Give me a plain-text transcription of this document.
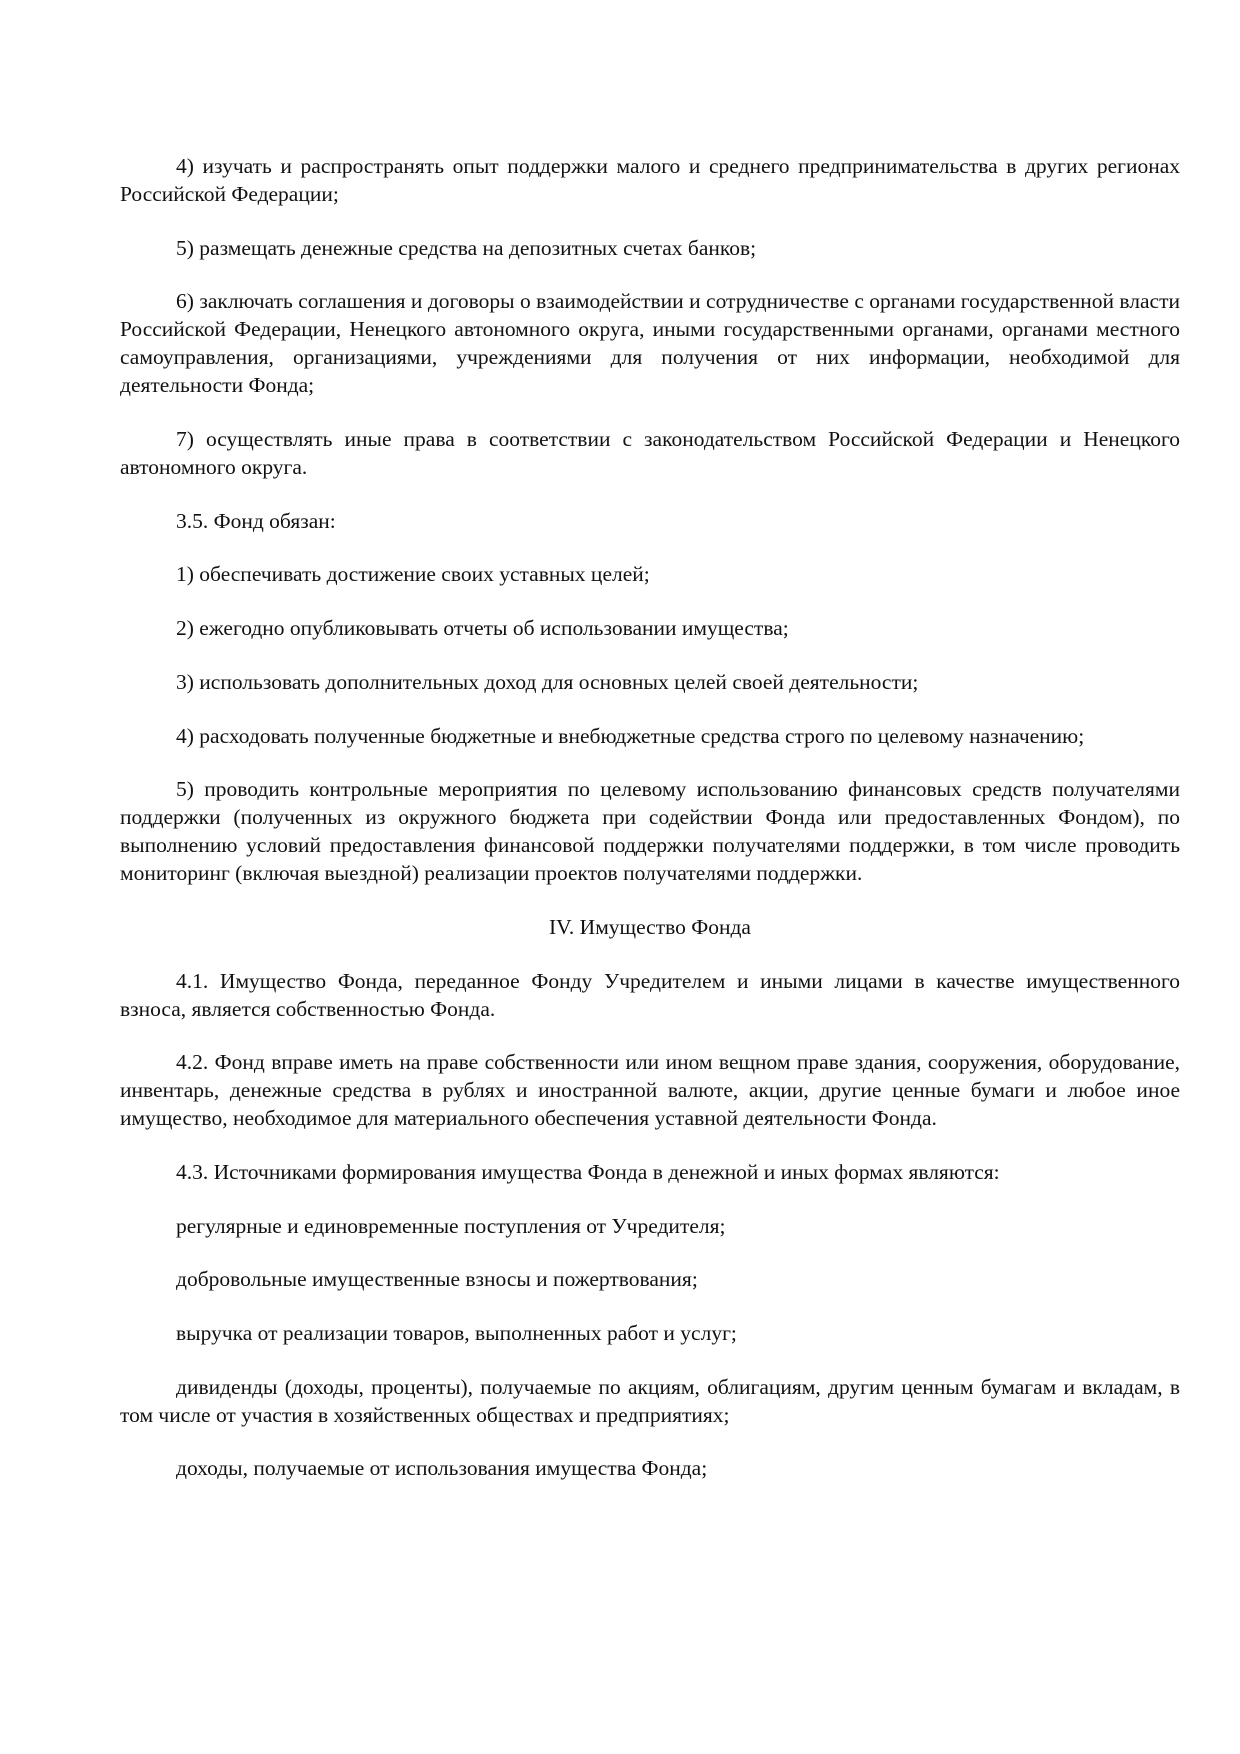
4) изучать и распространять опыт поддержки малого и среднего предпринимательства в других регионах Российской Федерации;

5) размещать денежные средства на депозитных счетах банков;

6) заключать соглашения и договоры о взаимодействии и сотрудничестве с органами государственной власти Российской Федерации, Ненецкого автономного округа, иными государственными органами, органами местного самоуправления, организациями, учреждениями для получения от них информации, необходимой для деятельности Фонда;

7) осуществлять иные права в соответствии с законодательством Российской Федерации и Ненецкого автономного округа.

3.5. Фонд обязан:

1) обеспечивать достижение своих уставных целей;

2) ежегодно опубликовывать отчеты об использовании имущества;

3) использовать дополнительных доход для основных целей своей деятельности;

4) расходовать полученные бюджетные и внебюджетные средства строго по целевому назначению;

5) проводить контрольные мероприятия по целевому использованию финансовых средств получателями поддержки (полученных из окружного бюджета при содействии Фонда или предоставленных Фондом), по выполнению условий предоставления финансовой поддержки получателями поддержки, в том числе проводить мониторинг (включая выездной) реализации проектов получателями поддержки.

IV. Имущество Фонда

4.1. Имущество Фонда, переданное Фонду Учредителем и иными лицами в качестве имущественного взноса, является собственностью Фонда.

4.2. Фонд вправе иметь на праве собственности или ином вещном праве здания, сооружения, оборудование, инвентарь, денежные средства в рублях и иностранной валюте, акции, другие ценные бумаги и любое иное имущество, необходимое для материального обеспечения уставной деятельности Фонда.

4.3. Источниками формирования имущества Фонда в денежной и иных формах являются:

регулярные и единовременные поступления от Учредителя;

добровольные имущественные взносы и пожертвования;

выручка от реализации товаров, выполненных работ и услуг;

дивиденды (доходы, проценты), получаемые по акциям, облигациям, другим ценным бумагам и вкладам, в том числе от участия в хозяйственных обществах и предприятиях;

доходы, получаемые от использования имущества Фонда;
